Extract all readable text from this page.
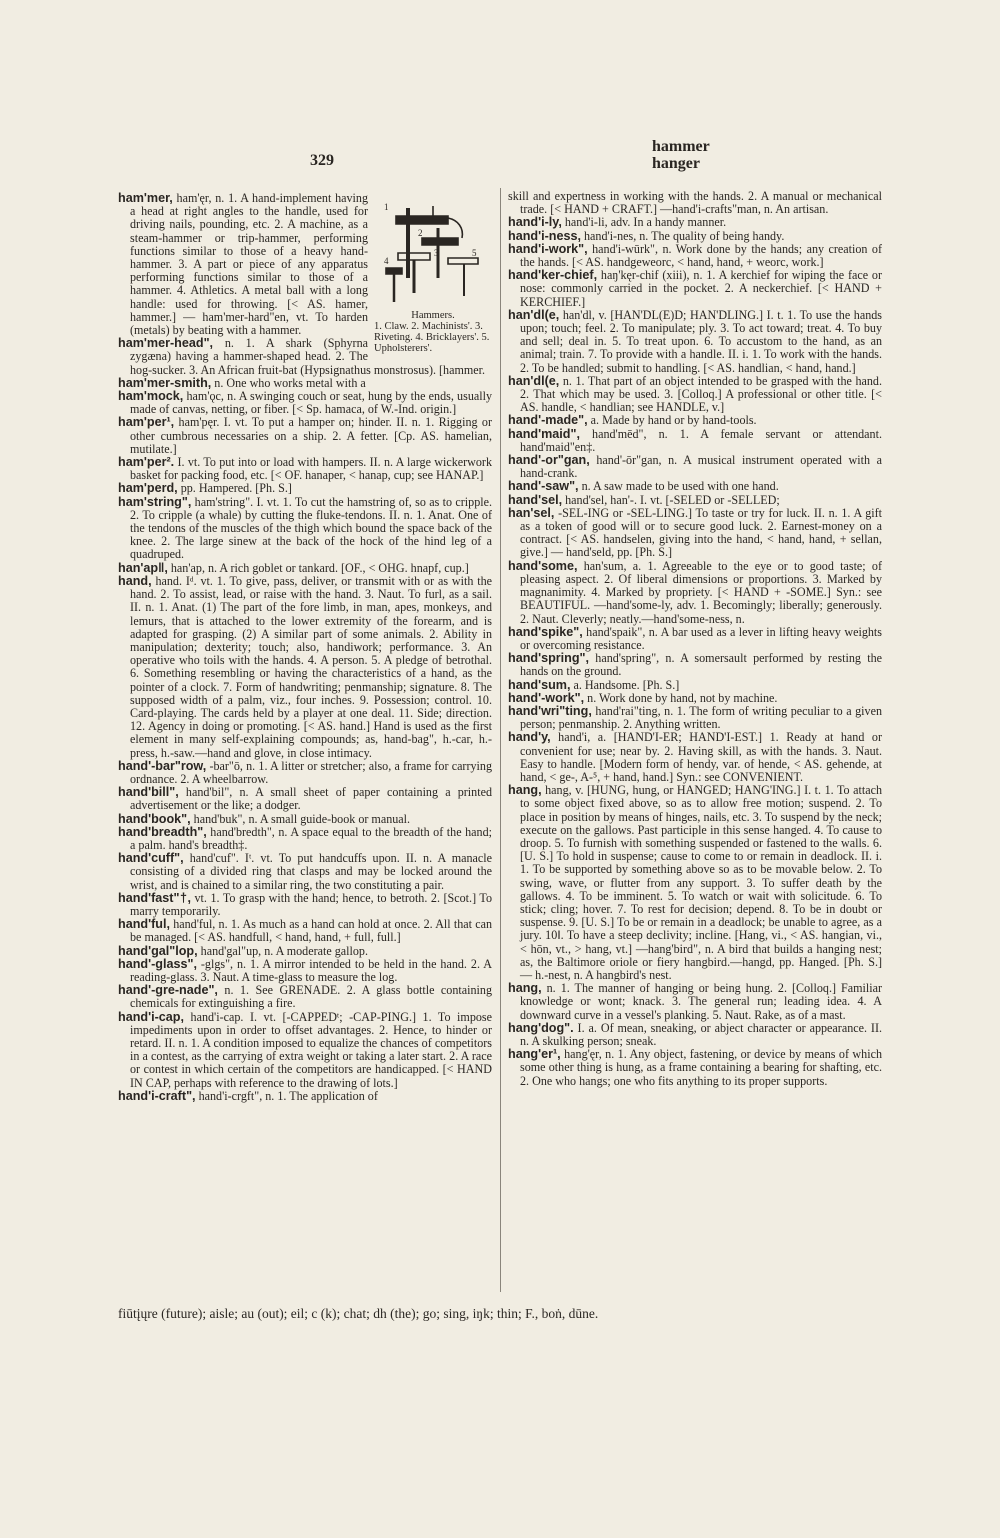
329
hammer
hanger
1
2
5
4
3
Hammers.
1. Claw. 2. Machinists'. 3. Riveting. 4. Bricklayers'. 5. Upholsterers'.
ham'mer, ham'ęr, n. 1. A hand-implement having a head at right angles to the handle, used for driving nails, pounding, etc. 2. A machine, as a steam-hammer or trip-hammer, performing functions similar to those of a heavy hand-hammer. 3. A part or piece of any apparatus performing functions similar to those of a hammer. 4. Athletics. A metal ball with a long handle: used for throwing. [< AS. hamer, hammer.] — ham'mer-hard"en, vt. To harden (metals) by beating with a hammer.
ham'mer-head", n. 1. A shark (Sphyrna zygæna) having a hammer-shaped head. 2. The hog-sucker. 3. An African fruit-bat (Hypsignathus monstrosus). [hammer.
ham'mer-smith, n. One who works metal with a
ham'mock, ham'ǫc, n. A swinging couch or seat, hung by the ends, usually made of canvas, netting, or fiber. [< Sp. hamaca, of W.-Ind. origin.]
ham'per¹, ham'pęr. I. vt. To put a hamper on; hinder. II. n. 1. Rigging or other cumbrous necessaries on a ship. 2. A fetter. [Cp. AS. hamelian, mutilate.]
ham'per². I. vt. To put into or load with hampers. II. n. A large wickerwork basket for packing food, etc. [< OF. hanaper, < hanap, cup; see HANAP.]
ham'perd, pp. Hampered. [Ph. S.]
ham'string", ham'string". I. vt. 1. To cut the hamstring of, so as to cripple. 2. To cripple (a whale) by cutting the fluke-tendons. II. n. 1. Anat. One of the tendons of the muscles of the thigh which bound the space back of the knee. 2. The large sinew at the back of the hock of the hind leg of a quadruped.
han'ap‖, han'ap, n. A rich goblet or tankard. [OF., < OHG. hnapf, cup.]
hand, hand. Iᵈ. vt. 1. To give, pass, deliver, or transmit with or as with the hand. 2. To assist, lead, or raise with the hand. 3. Naut. To furl, as a sail. II. n. 1. Anat. (1) The part of the fore limb, in man, apes, monkeys, and lemurs, that is attached to the lower extremity of the forearm, and is adapted for grasping. (2) A similar part of some animals. 2. Ability in manipulation; dexterity; touch; also, handiwork; performance. 3. An operative who toils with the hands. 4. A person. 5. A pledge of betrothal. 6. Something resembling or having the characteristics of a hand, as the pointer of a clock. 7. Form of handwriting; penmanship; signature. 8. The supposed width of a palm, viz., four inches. 9. Possession; control. 10. Card-playing. The cards held by a player at one deal. 11. Side; direction. 12. Agency in doing or promoting. [< AS. hand.] Hand is used as the first element in many self-explaining compounds; as, hand-bag", h.-car, h.-press, h.-saw.—hand and glove, in close intimacy.
hand'-bar"row, -bar"ō, n. 1. A litter or stretcher; also, a frame for carrying ordnance. 2. A wheelbarrow.
hand'bill", hand'bil", n. A small sheet of paper containing a printed advertisement or the like; a dodger.
hand'book", hand'buk", n. A small guide-book or manual.
hand'breadth", hand'bredth", n. A space equal to the breadth of the hand; a palm. hand's breadth‡.
hand'cuff", hand'cuf". Iᵗ. vt. To put handcuffs upon. II. n. A manacle consisting of a divided ring that clasps and may be locked around the wrist, and is chained to a similar ring, the two constituting a pair.
hand'fast"†, vt. 1. To grasp with the hand; hence, to betroth. 2. [Scot.] To marry temporarily.
hand'ful, hand'ful, n. 1. As much as a hand can hold at once. 2. All that can be managed. [< AS. handfull, < hand, hand, + full, full.]
hand'gal"lop, hand'gal"up, n. A moderate gallop.
hand'-glass", -glgs", n. 1. A mirror intended to be held in the hand. 2. A reading-glass. 3. Naut. A time-glass to measure the log.
hand'-gre-nade", n. 1. See GRENADE. 2. A glass bottle containing chemicals for extinguishing a fire.
hand'i-cap, hand'i-cap. I. vt. [-CAPPEDᵗ; -CAP-PING.] 1. To impose impediments upon in order to offset advantages. 2. Hence, to hinder or retard. II. n. 1. A condition imposed to equalize the chances of competitors in a contest, as the carrying of extra weight or taking a later start. 2. A race or contest in which certain of the competitors are handicapped. [< HAND IN CAP, perhaps with reference to the drawing of lots.]
hand'i-craft", hand'i-crgft", n. 1. The application of
skill and expertness in working with the hands. 2. A manual or mechanical trade. [< HAND + CRAFT.] —hand'i-crafts"man, n. An artisan.
hand'i-ly, hand'i-li, adv. In a handy manner.
hand'i-ness, hand'i-nes, n. The quality of being handy.
hand'i-work", hand'i-wūrk", n. Work done by the hands; any creation of the hands. [< AS. handgeweorc, < hand, hand, + weorc, work.]
hand'ker-chief, haŋ'kęr-chif (xiii), n. 1. A kerchief for wiping the face or nose: commonly carried in the pocket. 2. A neckerchief. [< HAND + KERCHIEF.]
han'dl(e, han'dl, v. [HAN'DL(E)D; HAN'DLING.] I. t. 1. To use the hands upon; touch; feel. 2. To manipulate; ply. 3. To act toward; treat. 4. To buy and sell; deal in. 5. To treat upon. 6. To accustom to the hand, as an animal; train. 7. To provide with a handle. II. i. 1. To work with the hands. 2. To be handled; submit to handling. [< AS. handlian, < hand, hand.]
han'dl(e, n. 1. That part of an object intended to be grasped with the hand. 2. That which may be used. 3. [Colloq.] A professional or other title. [< AS. handle, < handlian; see HANDLE, v.]
hand'-made", a. Made by hand or by hand-tools.
hand'maid", hand'mēd", n. 1. A female servant or attendant. hand'maid"en‡.
hand'-or"gan, hand'-ōr"gan, n. A musical instrument operated with a hand-crank.
hand'-saw", n. A saw made to be used with one hand.
hand'sel, hand'sel, han'-. I. vt. [-SELED or -SELLED;
han'sel, -SEL-ING or -SEL-LING.] To taste or try for luck. II. n. 1. A gift as a token of good will or to secure good luck. 2. Earnest-money on a contract. [< AS. handselen, giving into the hand, < hand, hand, + sellan, give.] — hand'seld, pp. [Ph. S.]
hand'some, han'sum, a. 1. Agreeable to the eye or to good taste; of pleasing aspect. 2. Of liberal dimensions or proportions. 3. Marked by magnanimity. 4. Marked by propriety. [< HAND + -SOME.] Syn.: see BEAUTIFUL. —hand'some-ly, adv. 1. Becomingly; liberally; generously. 2. Naut. Cleverly; neatly.—hand'some-ness, n.
hand'spike", hand'spaik", n. A bar used as a lever in lifting heavy weights or overcoming resistance.
hand'spring", hand'spring", n. A somersault performed by resting the hands on the ground.
hand'sum, a. Handsome. [Ph. S.]
hand'-work", n. Work done by hand, not by machine.
hand'wri"ting, hand'rai"ting, n. 1. The form of writing peculiar to a given person; penmanship. 2. Anything written.
hand'y, hand'i, a. [HAND'I-ER; HAND'I-EST.] 1. Ready at hand or convenient for use; near by. 2. Having skill, as with the hands. 3. Naut. Easy to handle. [Modern form of hendy, var. of hende, < AS. gehende, at hand, < ge-, A-⁵, + hand, hand.] Syn.: see CONVENIENT.
hang, hang, v. [HUNG, hung, or HANGED; HANG'ING.] I. t. 1. To attach to some object fixed above, so as to allow free motion; suspend. 2. To place in position by means of hinges, nails, etc. 3. To suspend by the neck; execute on the gallows. Past participle in this sense hanged. 4. To cause to droop. 5. To furnish with something suspended or fastened to the walls. 6. [U. S.] To hold in suspense; cause to come to or remain in deadlock. II. i. 1. To be supported by something above so as to be movable below. 2. To swing, wave, or flutter from any support. 3. To suffer death by the gallows. 4. To be imminent. 5. To watch or wait with solicitude. 6. To stick; cling; hover. 7. To rest for decision; depend. 8. To be in doubt or suspense. 9. [U. S.] To be or remain in a deadlock; be unable to agree, as a jury. 10‖. To have a steep declivity; incline. [Hang, vi., < AS. hangian, vi., < hōn, vt., > hang, vt.] —hang'bird", n. A bird that builds a hanging nest; as, the Baltimore oriole or fiery hangbird.—hangd, pp. Hanged. [Ph. S.] — h.-nest, n. A hangbird's nest.
hang, n. 1. The manner of hanging or being hung. 2. [Colloq.] Familiar knowledge or wont; knack. 3. The general run; leading idea. 4. A downward curve in a vessel's planking. 5. Naut. Rake, as of a mast.
hang'dog". I. a. Of mean, sneaking, or abject character or appearance. II. n. A skulking person; sneak.
hang'er¹, hang'ęr, n. 1. Any object, fastening, or device by means of which some other thing is hung, as a frame containing a bearing for shafting, etc. 2. One who hangs; one who fits anything to its proper supports.
fiūtįųre (future); aisle; au (out); eil; c (k); chat; dh (the); go; sing, iŋk; thin; F., boṅ, dūne.
